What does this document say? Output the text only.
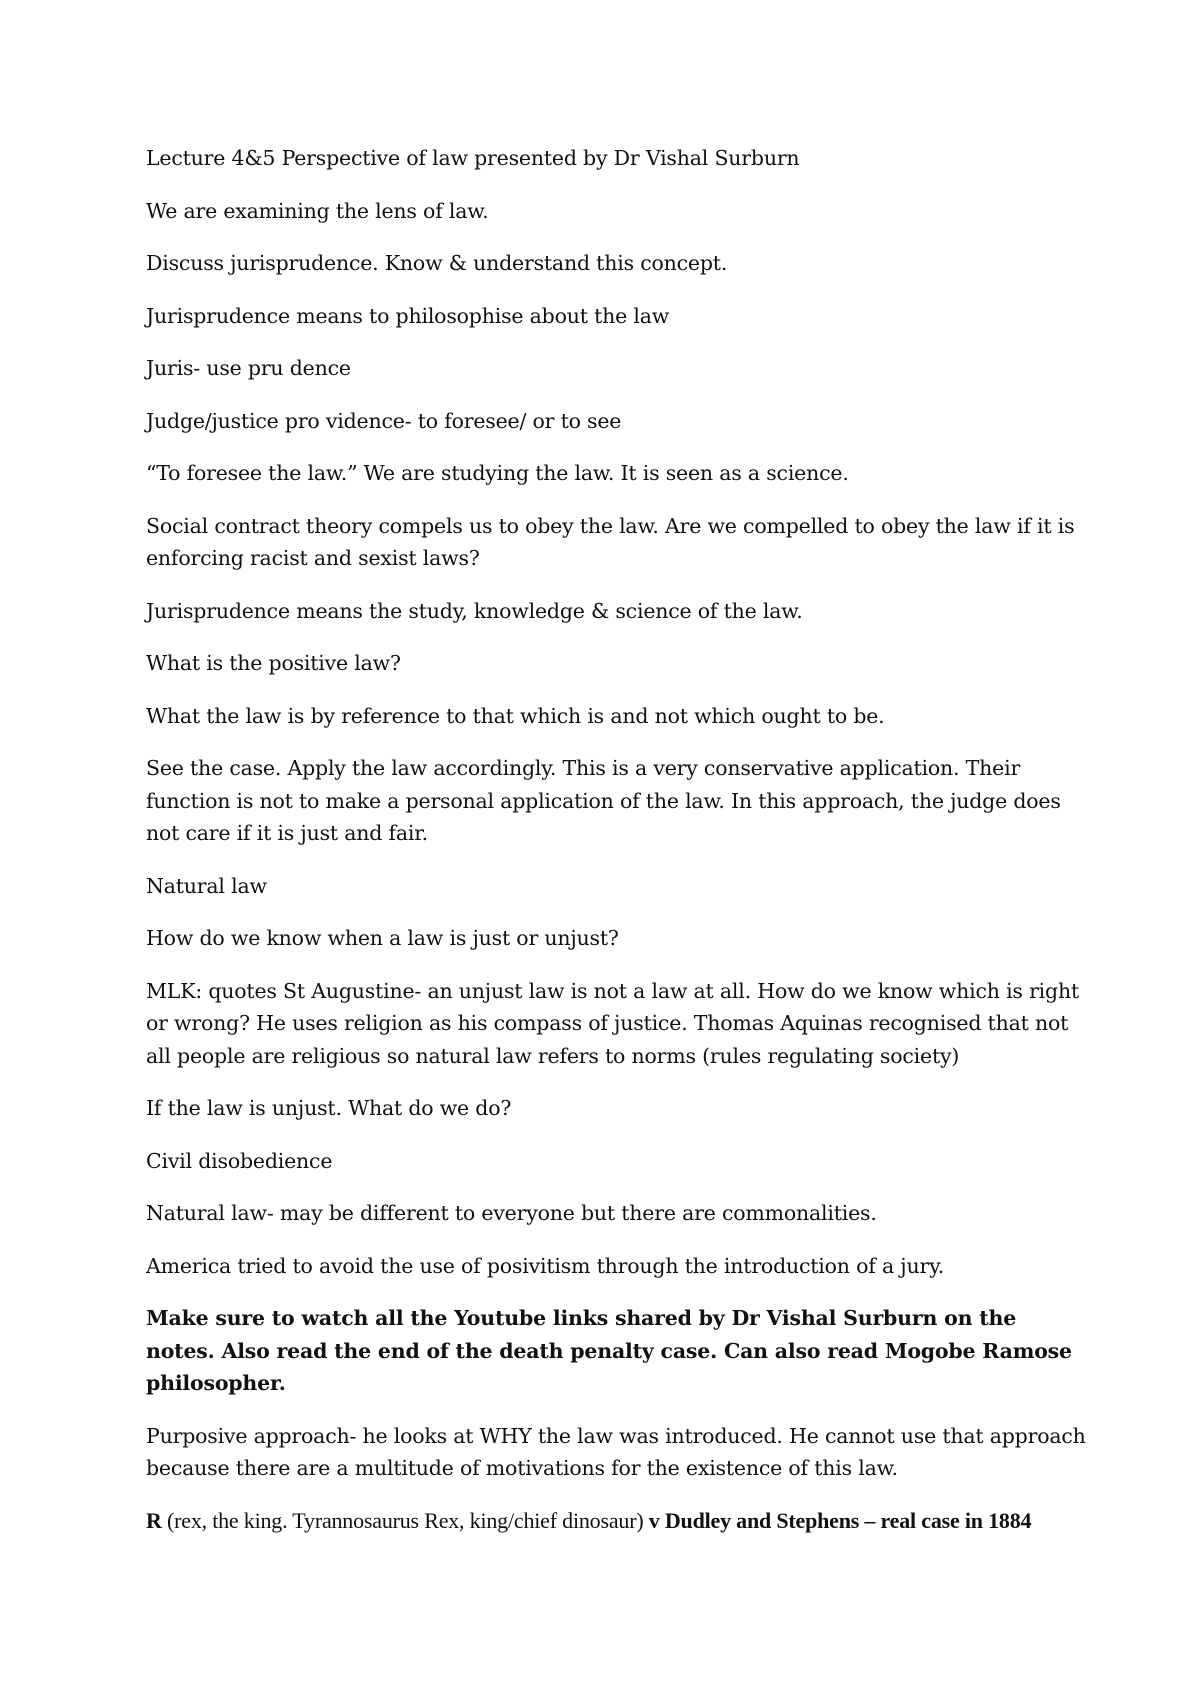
Lecture 4&5 Perspective of law presented by Dr Vishal Surburn

We are examining the lens of law.

Discuss jurisprudence. Know & understand this concept.

Jurisprudence means to philosophise about the law

Juris- use pru dence

Judge/justice pro vidence- to foresee/ or to see

“To foresee the law.” We are studying the law. It is seen as a science.

Social contract theory compels us to obey the law. Are we compelled to obey the law if it is enforcing racist and sexist laws?

Jurisprudence means the study, knowledge & science of the law.

What is the positive law?

What the law is by reference to that which is and not which ought to be.

See the case. Apply the law accordingly. This is a very conservative application. Their function is not to make a personal application of the law. In this approach, the judge does not care if it is just and fair.

Natural law

How do we know when a law is just or unjust?

MLK: quotes St Augustine- an unjust law is not a law at all. How do we know which is right or wrong? He uses religion as his compass of justice. Thomas Aquinas recognised that not all people are religious so natural law refers to norms (rules regulating society)

If the law is unjust. What do we do?

Civil disobedience

Natural law- may be different to everyone but there are commonalities.

America tried to avoid the use of posivitism through the introduction of a jury.

Make sure to watch all the Youtube links shared by Dr Vishal Surburn on the notes. Also read the end of the death penalty case. Can also read Mogobe Ramose philosopher.

Purposive approach- he looks at WHY the law was introduced. He cannot use that approach because there are a multitude of motivations for the existence of this law.

R (rex, the king. Tyrannosaurus Rex, king/chief dinosaur) v Dudley and Stephens – real case in 1884
